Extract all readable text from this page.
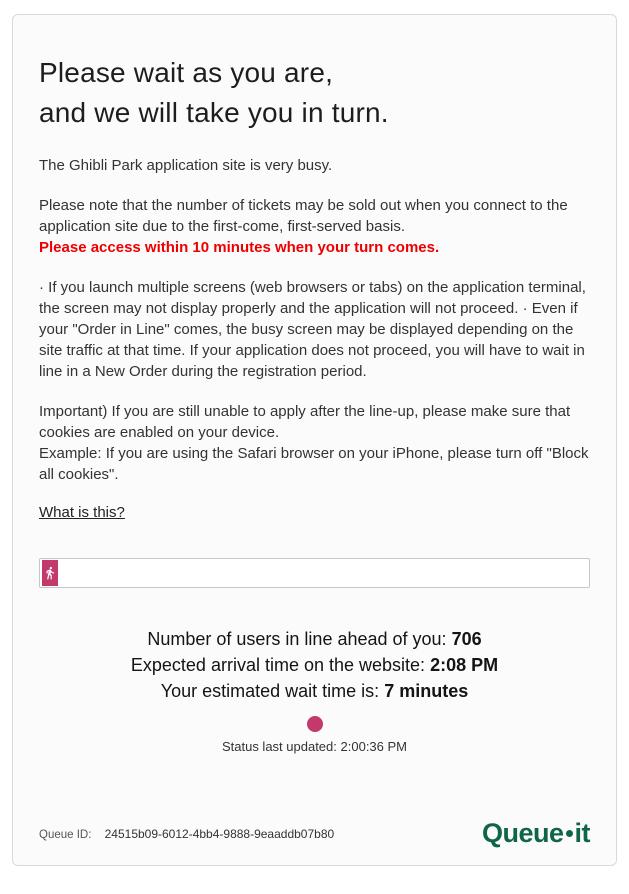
Please wait as you are,
and we will take you in turn.

The Ghibli Park application site is very busy.

Please note that the number of tickets may be sold out when you connect to the application site due to the first-come, first-served basis.
Please access within 10 minutes when your turn comes.

· If you launch multiple screens (web browsers or tabs) on the application terminal, the screen may not display properly and the application will not proceed. · Even if your "Order in Line" comes, the busy screen may be displayed depending on the site traffic at that time. If your application does not proceed, you will have to wait in line in a New Order during the registration period.

Important) If you are still unable to apply after the line-up, please make sure that cookies are enabled on your device.
Example: If you are using the Safari browser on your iPhone, please turn off "Block all cookies".

What is this?
Number of users in line ahead of you: 706
Expected arrival time on the website: 2:08 PM
Your estimated wait time is: 7 minutes
Status last updated: 2:00:36 PM
Queue ID: 24515b09-6012-4bb4-9888-9eaaddb07b80	Queue it
